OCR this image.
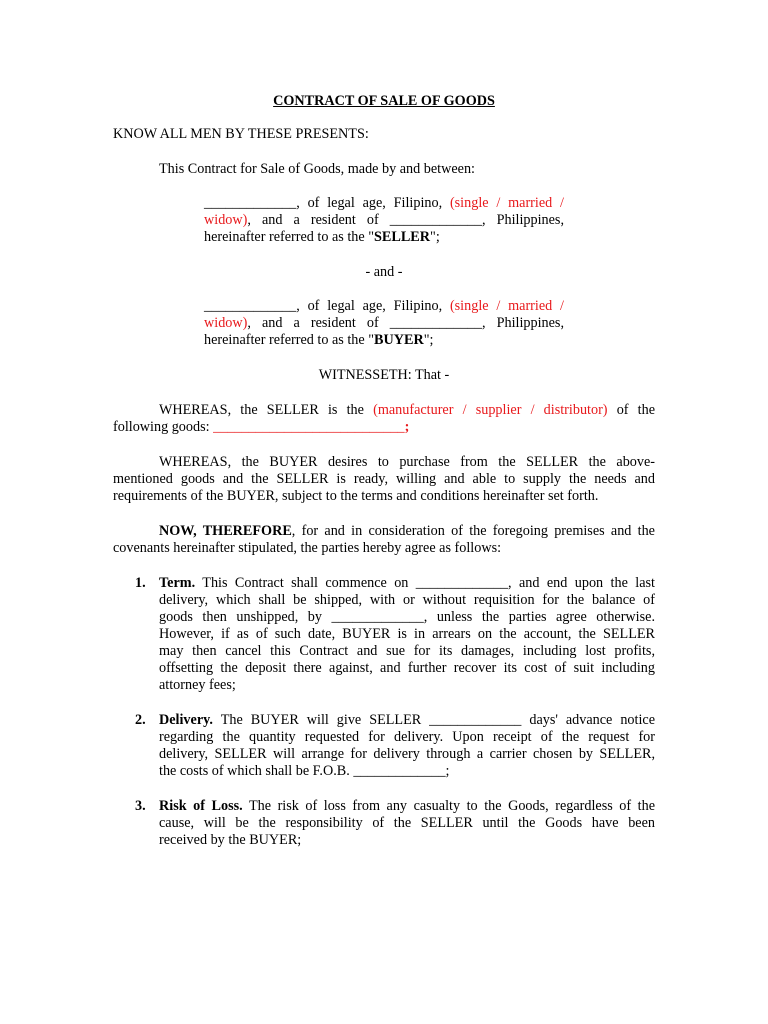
CONTRACT OF SALE OF GOODS
KNOW ALL MEN BY THESE PRESENTS:
This Contract for Sale of Goods, made by and between:
_____________, of legal age, Filipino, (single / married /
widow), and a resident of _____________, Philippines,
hereinafter referred to as the "SELLER";
- and -
_____________, of legal age, Filipino, (single / married /
widow), and a resident of _____________, Philippines,
hereinafter referred to as the "BUYER";
WITNESSETH: That -
WHEREAS, the SELLER is the (manufacturer / supplier / distributor) of the
following goods: ___________________________;
WHEREAS, the BUYER desires to purchase from the SELLER the above-
mentioned goods and the SELLER is ready, willing and able to supply the needs and
requirements of the BUYER, subject to the terms and conditions hereinafter set forth.
NOW, THEREFORE, for and in consideration of the foregoing premises and the
covenants hereinafter stipulated, the parties hereby agree as follows:
1. Term. This Contract shall commence on _____________, and end upon the last
delivery, which shall be shipped, with or without requisition for the balance of
goods then unshipped, by _____________, unless the parties agree otherwise.
However, if as of such date, BUYER is in arrears on the account, the SELLER
may then cancel this Contract and sue for its damages, including lost profits,
offsetting the deposit there against, and further recover its cost of suit including
attorney fees;
2. Delivery. The BUYER will give SELLER _____________ days' advance notice
regarding the quantity requested for delivery. Upon receipt of the request for
delivery, SELLER will arrange for delivery through a carrier chosen by SELLER,
the costs of which shall be F.O.B. _____________;
3. Risk of Loss. The risk of loss from any casualty to the Goods, regardless of the
cause, will be the responsibility of the SELLER until the Goods have been
received by the BUYER;
